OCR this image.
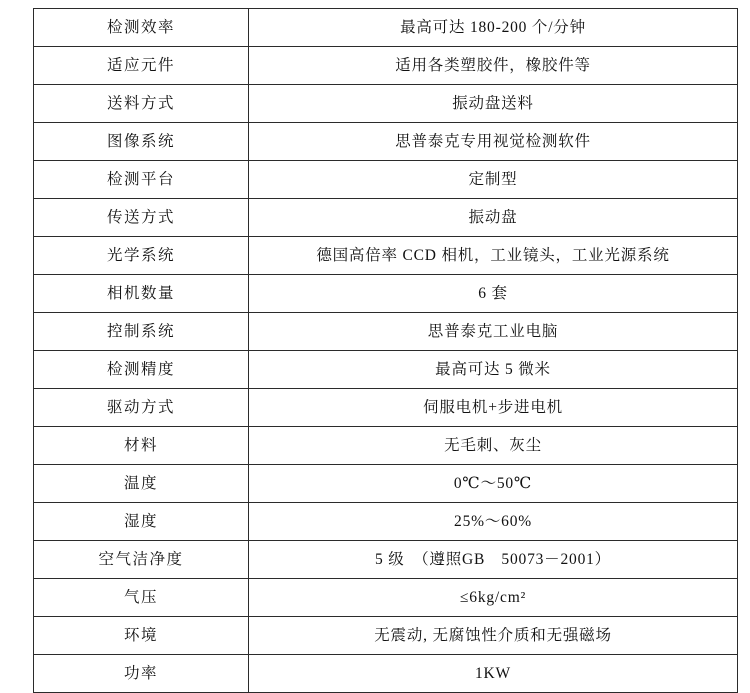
检测效率	最高可达 180-200 个/分钟
适应元件	适用各类塑胶件，橡胶件等
送料方式	振动盘送料
图像系统	思普泰克专用视觉检测软件
检测平台	定制型
传送方式	振动盘
光学系统	德国高倍率 CCD 相机，工业镜头，工业光源系统
相机数量	6 套
控制系统	思普泰克工业电脑
检测精度	最高可达 5 微米
驱动方式	伺服电机+步进电机
材料	无毛刺、灰尘
温度	0℃～50℃
湿度	25%～60%
空气洁净度	5 级　（遵照GB　50073－2001）
气压	≤6kg/cm²
环境	无震动, 无腐蚀性介质和无强磁场
功率	1KW
